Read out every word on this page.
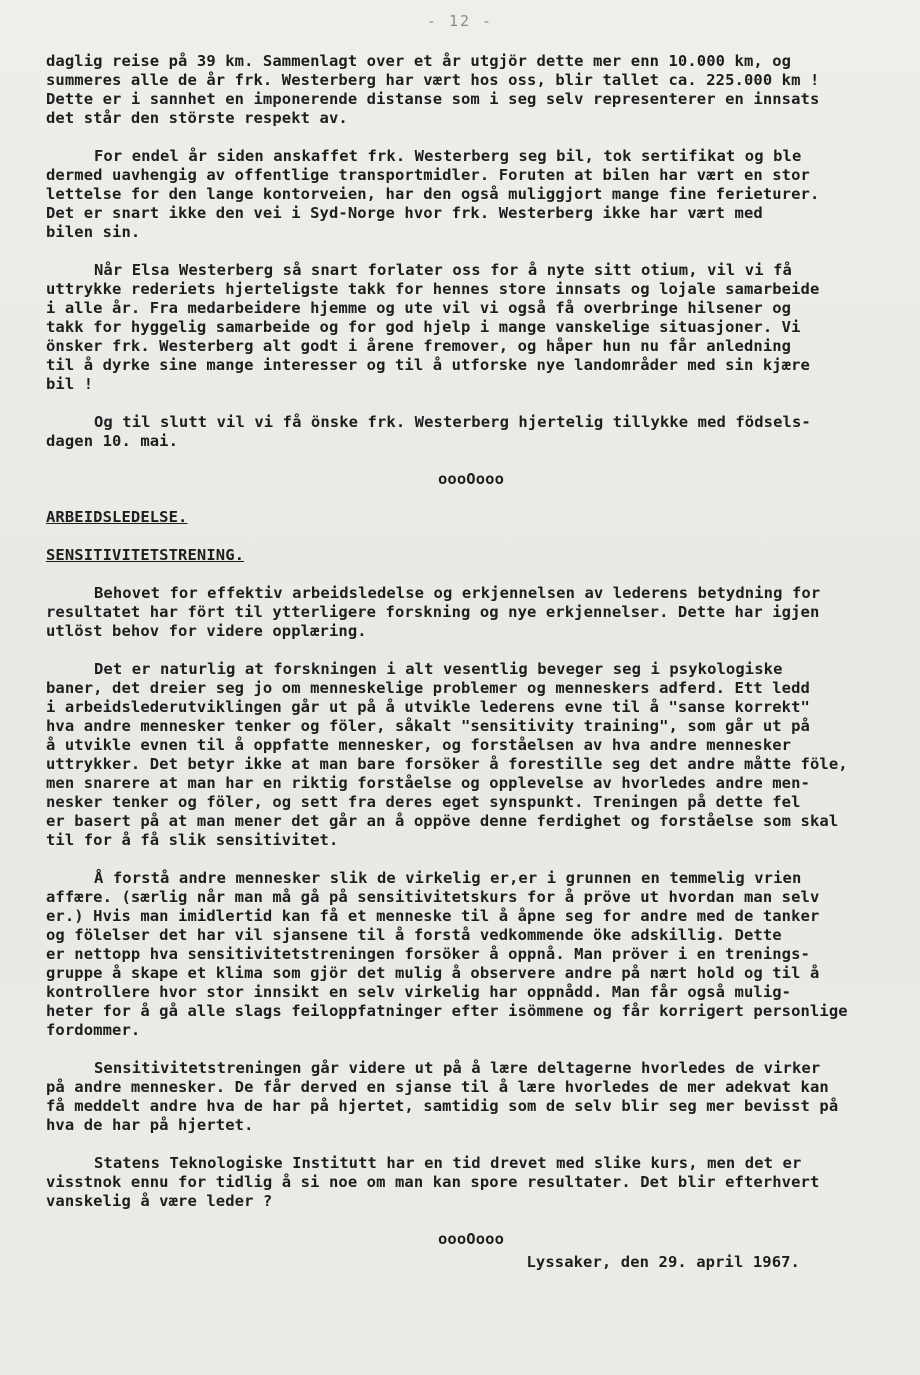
- 12 -

daglig reise på 39 km. Sammenlagt over et år utgjör dette mer enn 10.000 km, og
summeres alle de år frk. Westerberg har vært hos oss, blir tallet ca. 225.000 km !
Dette er i sannhet en imponerende distanse som i seg selv representerer en innsats
det står den störste respekt av.

For endel år siden anskaffet frk. Westerberg seg bil, tok sertifikat og ble
dermed uavhengig av offentlige transportmidler. Foruten at bilen har vært en stor
lettelse for den lange kontorveien, har den også muliggjort mange fine ferieturer.
Det er snart ikke den vei i Syd-Norge hvor frk. Westerberg ikke har vært med
bilen sin.

Når Elsa Westerberg så snart forlater oss for å nyte sitt otium, vil vi få
uttrykke rederiets hjerteligste takk for hennes store innsats og lojale samarbeide
i alle år. Fra medarbeidere hjemme og ute vil vi også få overbringe hilsener og
takk for hyggelig samarbeide og for god hjelp i mange vanskelige situasjoner. Vi
önsker frk. Westerberg alt godt i årene fremover, og håper hun nu får anledning
til å dyrke sine mange interesser og til å utforske nye landområder med sin kjære
bil !

Og til slutt vil vi få önske frk. Westerberg hjertelig tillykke med födsels-
dagen 10. mai.

oooOooo

ARBEIDSLEDELSE.

SENSITIVITETSTRENING.

Behovet for effektiv arbeidsledelse og erkjennelsen av lederens betydning for
resultatet har fört til ytterligere forskning og nye erkjennelser. Dette har igjen
utlöst behov for videre opplæring.

Det er naturlig at forskningen i alt vesentlig beveger seg i psykologiske
baner, det dreier seg jo om menneskelige problemer og menneskers adferd. Ett ledd
i arbeidslederutviklingen går ut på å utvikle lederens evne til å "sanse korrekt"
hva andre mennesker tenker og föler, såkalt "sensitivity training", som går ut på
å utvikle evnen til å oppfatte mennesker, og forståelsen av hva andre mennesker
uttrykker. Det betyr ikke at man bare forsöker å forestille seg det andre måtte föle,
men snarere at man har en riktig forståelse og opplevelse av hvorledes andre men-
nesker tenker og föler, og sett fra deres eget synspunkt. Treningen på dette fel
er basert på at man mener det går an å oppöve denne ferdighet og forståelse som skal
til for å få slik sensitivitet.

Å forstå andre mennesker slik de virkelig er,er i grunnen en temmelig vrien
affære. (særlig når man må gå på sensitivitetskurs for å pröve ut hvordan man selv
er.) Hvis man imidlertid kan få et menneske til å åpne seg for andre med de tanker
og fölelser det har vil sjansene til å forstå vedkommende öke adskillig. Dette
er nettopp hva sensitivitetstreningen forsöker å oppnå. Man pröver i en trenings-
gruppe å skape et klima som gjör det mulig å observere andre på nært hold og til å
kontrollere hvor stor innsikt en selv virkelig har oppnådd. Man får også mulig-
heter for å gå alle slags feiloppfatninger efter isömmene og får korrigert personlige
fordommer.

Sensitivitetstreningen går videre ut på å lære deltagerne hvorledes de virker
på andre mennesker. De får derved en sjanse til å lære hvorledes de mer adekvat kan
få meddelt andre hva de har på hjertet, samtidig som de selv blir seg mer bevisst på
hva de har på hjertet.

Statens Teknologiske Institutt har en tid drevet med slike kurs, men det er
visstnok ennu for tidlig å si noe om man kan spore resultater. Det blir efterhvert
vanskelig å være leder ?

oooOooo

Lyssaker, den 29. april 1967.
